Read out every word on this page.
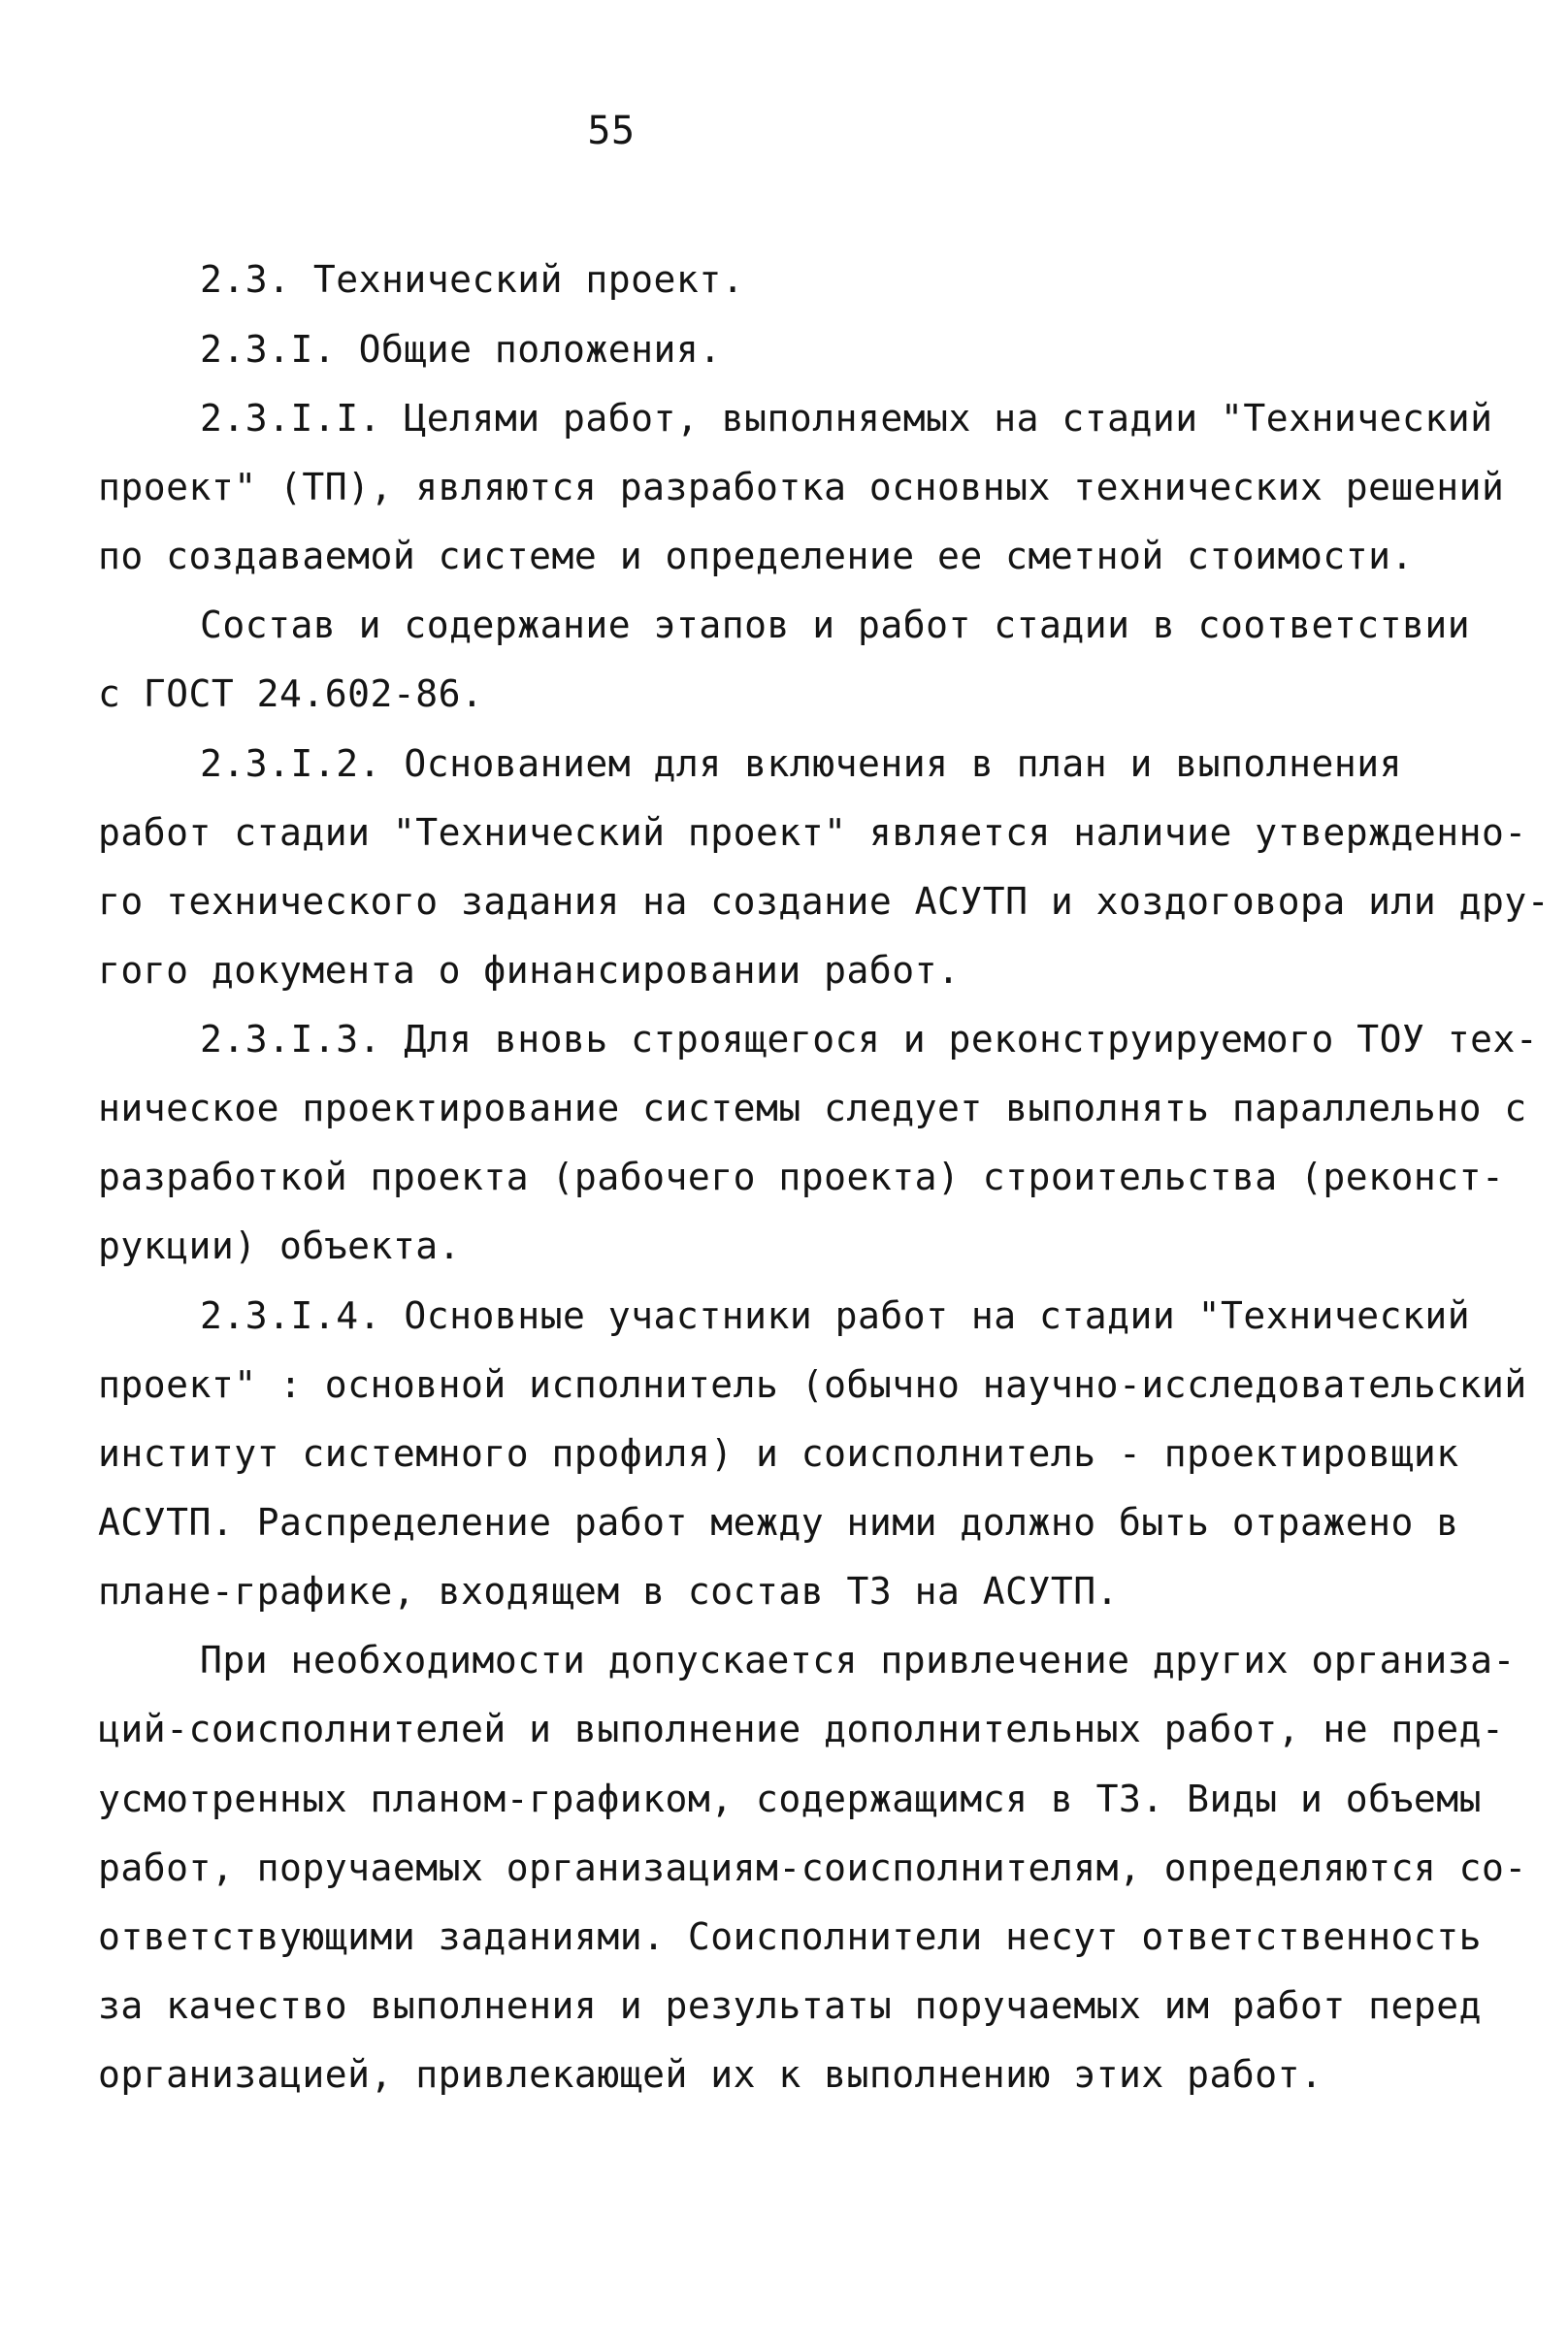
55
2.3. Технический проект.
2.3.I. Общие положения.
2.3.I.I. Целями работ, выполняемых на стадии "Технический
проект" (ТП), являются разработка основных технических решений
по создаваемой системе и определение ее сметной стоимости.
Состав и содержание этапов и работ стадии в соответствии
с ГОСТ 24.602-86.
2.3.I.2. Основанием для включения в план и выполнения
работ стадии "Технический проект" является наличие утвержденно-
го технического задания на создание АСУТП и хоздоговора или дру-
гого документа о финансировании работ.
2.3.I.3. Для вновь строящегося и реконструируемого ТОУ тех-
ническое проектирование системы следует выполнять параллельно с
разработкой проекта (рабочего проекта) строительства (реконст-
рукции) объекта.
2.3.I.4. Основные участники работ на стадии "Технический
проект" : основной исполнитель (обычно научно-исследовательский
институт системного профиля) и соисполнитель - проектировщик
АСУТП. Распределение работ между ними должно быть отражено в
плане-графике, входящем в состав ТЗ на АСУТП.
При необходимости допускается привлечение других организа-
ций-соисполнителей и выполнение дополнительных работ, не пред-
усмотренных планом-графиком, содержащимся в ТЗ. Виды и объемы
работ, поручаемых организациям-соисполнителям, определяются со-
ответствующими заданиями. Соисполнители несут ответственность
за качество выполнения и результаты поручаемых им работ перед
организацией, привлекающей их к выполнению этих работ.
